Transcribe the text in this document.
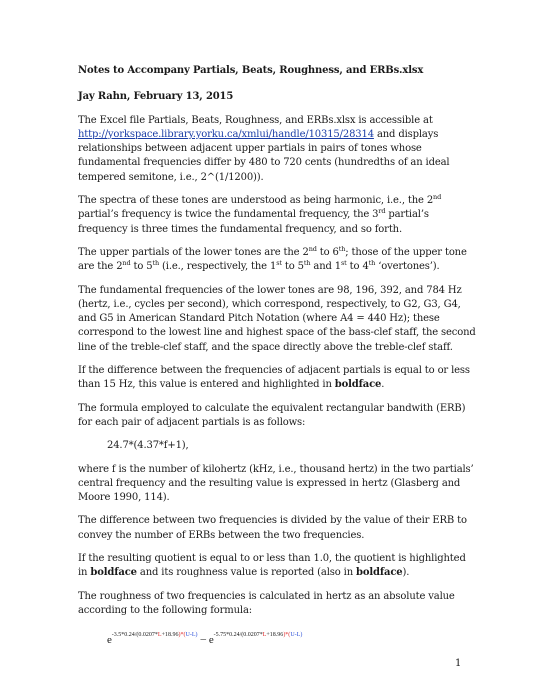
Notes to Accompany Partials, Beats, Roughness, and ERBs.xlsx

Jay Rahn, February 13, 2015

The Excel file Partials, Beats, Roughness, and ERBs.xlsx is accessible at http://yorkspace.library.yorku.ca/xmlui/handle/10315/28314 and displays relationships between adjacent upper partials in pairs of tones whose fundamental frequencies differ by 480 to 720 cents (hundredths of an ideal tempered semitone, i.e., 2^(1/1200)).

The spectra of these tones are understood as being harmonic, i.e., the 2nd partial’s frequency is twice the fundamental frequency, the 3rd partial’s frequency is three times the fundamental frequency, and so forth.

The upper partials of the lower tones are the 2nd to 6th; those of the upper tone are the 2nd to 5th (i.e., respectively, the 1st to 5th and 1st to 4th ‘overtones’).

The fundamental frequencies of the lower tones are 98, 196, 392, and 784 Hz (hertz, i.e., cycles per second), which correspond, respectively, to G2, G3, G4, and G5 in American Standard Pitch Notation (where A4 = 440 Hz); these correspond to the lowest line and highest space of the bass-clef staff, the second line of the treble-clef staff, and the space directly above the treble-clef staff.

If the difference between the frequencies of adjacent partials is equal to or less than 15 Hz, this value is entered and highlighted in boldface.

The formula employed to calculate the equivalent rectangular bandwith (ERB) for each pair of adjacent partials is as follows:

24.7*(4.37*f+1),

where f is the number of kilohertz (kHz, i.e., thousand hertz) in the two partials’ central frequency and the resulting value is expressed in hertz (Glasberg and Moore 1990, 114).

The difference between two frequencies is divided by the value of their ERB to convey the number of ERBs between the two frequencies.

If the resulting quotient is equal to or less than 1.0, the quotient is highlighted in boldface and its roughness value is reported (also in boldface).

The roughness of two frequencies is calculated in hertz as an absolute value according to the following formula:

e-3.5*0.24/(0.0207*L+18.96)*(U-L) – e-5.75*0.24/(0.0207*L+18.96)*(U-L)
1
